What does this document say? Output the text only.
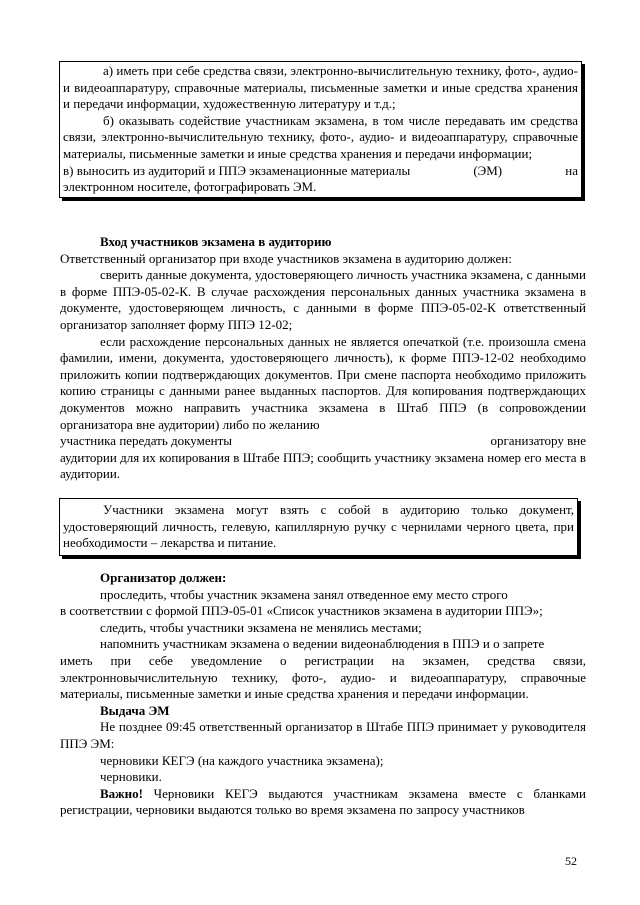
а) иметь при себе средства связи, электронно-вычислительную технику, фото-, аудио- и видеоаппаратуру, справочные материалы, письменные заметки и иные средства хранения и передачи информации, художественную литературу и т.д.;

б) оказывать содействие участникам экзамена, в том числе передавать им средства связи, электронно-вычислительную технику, фото-, аудио- и видеоаппаратуру, справочные материалы, письменные заметки и иные средства хранения и передачи информации;

в) выносить из аудиторий и ППЭ экзаменационные материалы	(ЭМ)	на

электронном носителе, фотографировать ЭМ.

Вход участников экзамена в аудиторию

Ответственный организатор при входе участников экзамена в аудиторию должен:

сверить данные документа, удостоверяющего личность участника экзамена, с данными в форме ППЭ-05-02-К. В случае расхождения персональных данных участника экзамена в документе, удостоверяющем личность, с данными в форме ППЭ-05-02-К ответственный организатор заполняет форму ППЭ 12-02;

если расхождение персональных данных не является опечаткой (т.е. произошла смена фамилии, имени, документа, удостоверяющего личность), к форме ППЭ-12-02 необходимо приложить копии подтверждающих документов. При смене паспорта необходимо приложить копию страницы с данными ранее выданных паспортов. Для копирования подтверждающих документов можно направить участника экзамена в Штаб ППЭ (в сопровождении организатора вне аудитории) либо по желанию

участника передать документы	организатору вне

аудитории для их копирования в Штабе ППЭ; сообщить участнику экзамена номер его места в аудитории.

Участники экзамена могут взять с собой в аудиторию только документ, удостоверяющий личность, гелевую, капиллярную ручку с чернилами черного цвета, при необходимости – лекарства и питание.

Организатор должен:

проследить, чтобы участник экзамена занял отведенное ему место строго

в соответствии с формой ППЭ-05-01 «Список участников экзамена в аудитории ППЭ»;

следить, чтобы участники экзамена не менялись местами;

напомнить участникам экзамена о ведении видеонаблюдения в ППЭ и о запрете

иметь при себе уведомление о регистрации на экзамен, средства связи, электронновычислительную технику, фото-, аудио- и видеоаппаратуру, справочные материалы, письменные заметки и иные средства хранения и передачи информации.

Выдача ЭМ

Не позднее 09:45 ответственный организатор в Штабе ППЭ принимает у руководителя ППЭ ЭМ:

черновики КЕГЭ (на каждого участника экзамена);

черновики.

Важно! Черновики КЕГЭ выдаются участникам экзамена вместе с бланками регистрации, черновики выдаются только во время экзамена по запросу участников

52
